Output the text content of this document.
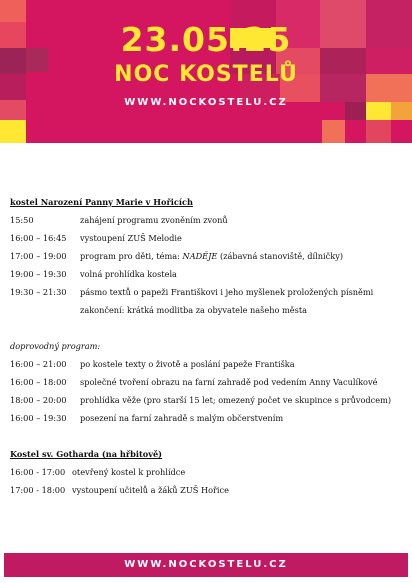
23.05.25
NOC KOSTELŮ
WWW.NOCKOSTELU.CZ
kostel Narození Panny Marie v Hořicích
15:50	zahájení programu zvoněním zvonů
16:00 – 16:45	vystoupení ZUŠ Melodie
17:00 – 19:00	program pro děti, téma: NADĚJE (zábavná stanoviště, dílničky)
19:00 – 19:30	volná prohlídka kostela
19:30 – 21:30	pásmo textů o papeži Františkovi i jeho myšlenek proložených písněmi
zakončení: krátká modlitba za obyvatele našeho města
doprovodný program:
16:00 – 21:00	po kostele texty o životě a poslání papeže Františka
16:00 – 18:00	společné tvoření obrazu na farní zahradě pod vedením Anny Vaculíkové
18:00 – 20:00	prohlídka věže (pro starší 15 let; omezený počet ve skupince s průvodcem)
16:00 – 19:30	posezení na farní zahradě s malým občerstvením
Kostel sv. Gotharda (na hřbitově)
16:00 - 17:00 otevřený kostel k prohlídce
17:00 - 18:00 vystoupení učitelů a žáků ZUŠ Hořice
WWW.NOCKOSTELU.CZ
